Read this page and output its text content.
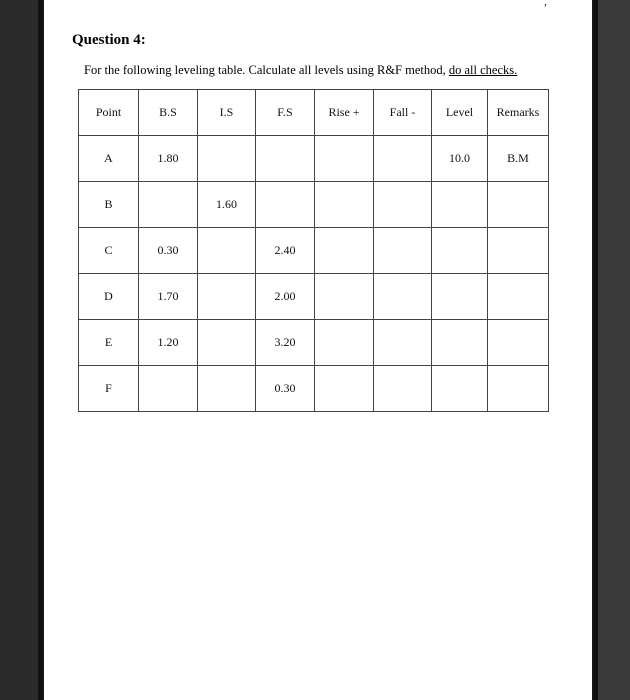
,
Question 4:
For the following leveling table. Calculate all levels using R&F method, do all checks.
Point	B.S	I.S	F.S	Rise +	Fall -	Level	Remarks
A	1.80					10.0	B.M
B		1.60					
C	0.30		2.40				
D	1.70		2.00				
E	1.20		3.20				
F			0.30				
